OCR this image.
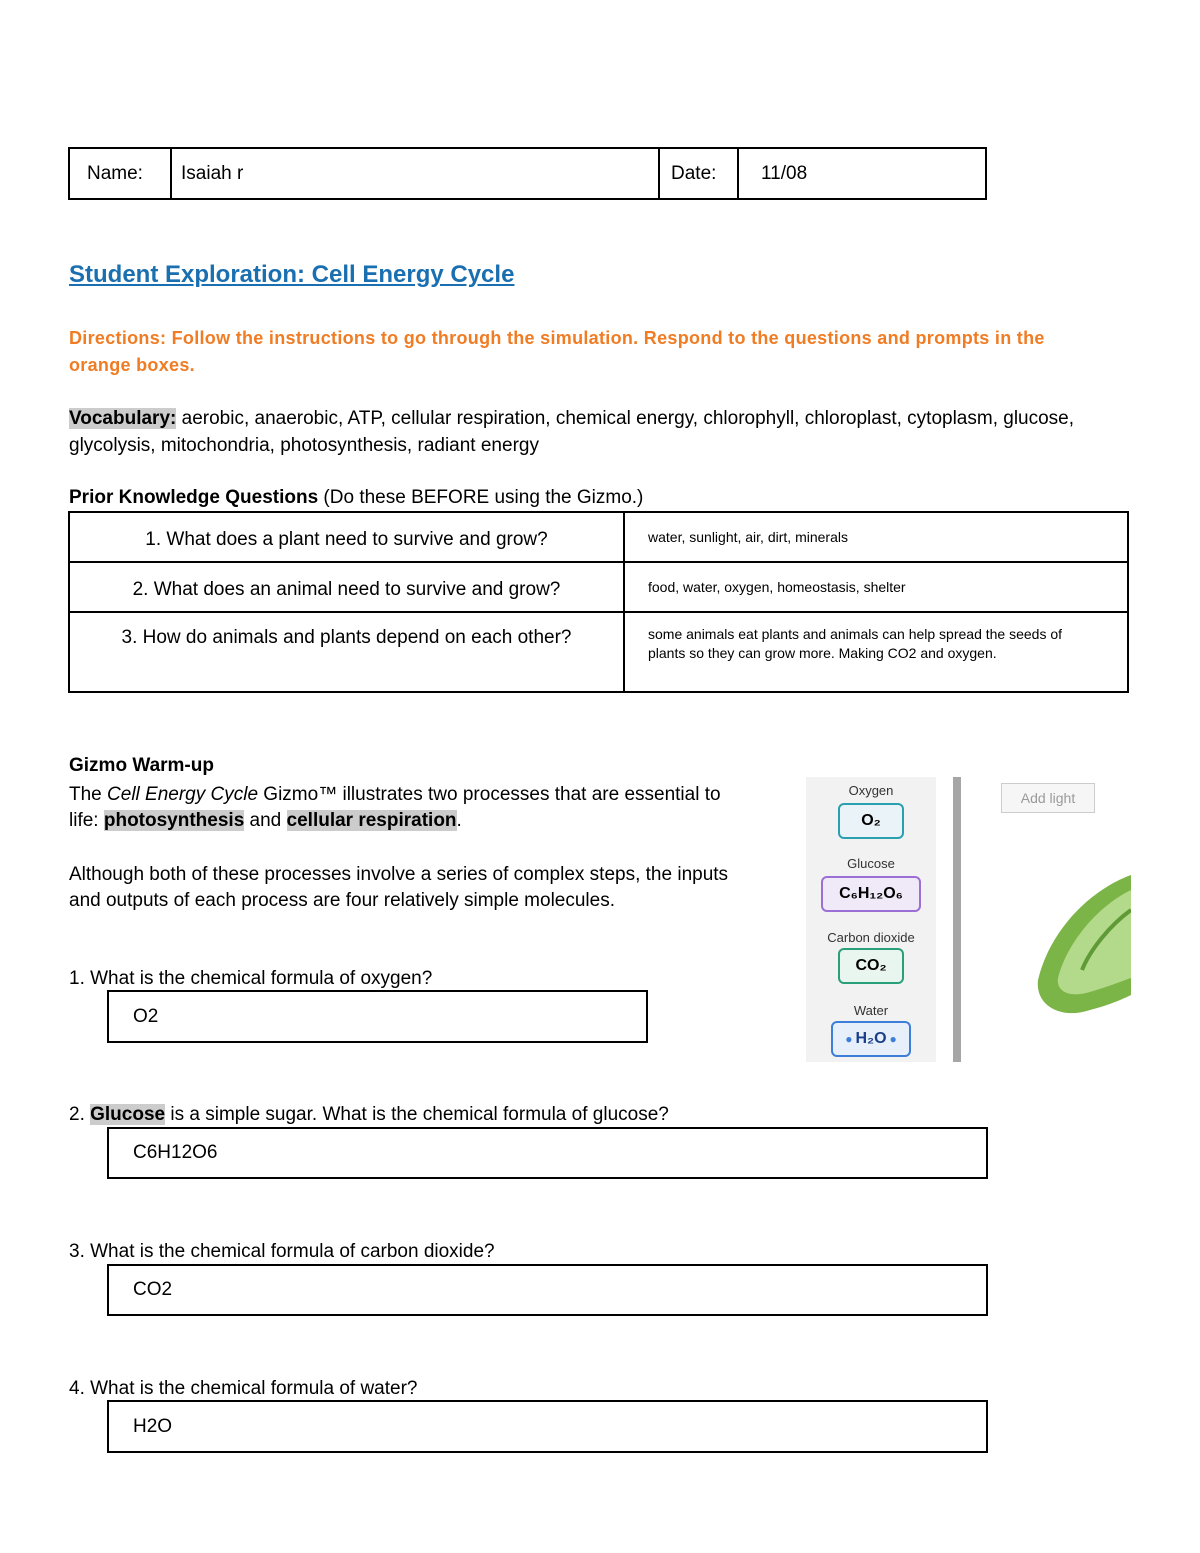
Name:	Isaiah r	Date:	11/08
Student Exploration: Cell Energy Cycle
Directions: Follow the instructions to go through the simulation. Respond to the questions and prompts in the orange boxes.
Vocabulary: aerobic, anaerobic, ATP, cellular respiration, chemical energy, chlorophyll, chloroplast, cytoplasm, glucose, glycolysis, mitochondria, photosynthesis, radiant energy
Prior Knowledge Questions (Do these BEFORE using the Gizmo.)
1. What does a plant need to survive and grow?	water, sunlight, air, dirt, minerals
2. What does an animal need to survive and grow?	food, water, oxygen, homeostasis, shelter
3. How do animals and plants depend on each other?	some animals eat plants and animals can help spread the seeds of plants so they can grow more. Making CO2 and oxygen.
Gizmo Warm-up
The Cell Energy Cycle Gizmo™ illustrates two processes that are essential to life: photosynthesis and cellular respiration.
Although both of these processes involve a series of complex steps, the inputs and outputs of each process are four relatively simple molecules.
1. What is the chemical formula of oxygen?
O2
2. Glucose is a simple sugar. What is the chemical formula of glucose?
C6H12O6
3. What is the chemical formula of carbon dioxide?
CO2
4. What is the chemical formula of water?
H2O
Oxygen
O₂
Glucose
C₆H₁₂O₆
Carbon dioxide
CO₂
Water
● H₂O ●
Add light
